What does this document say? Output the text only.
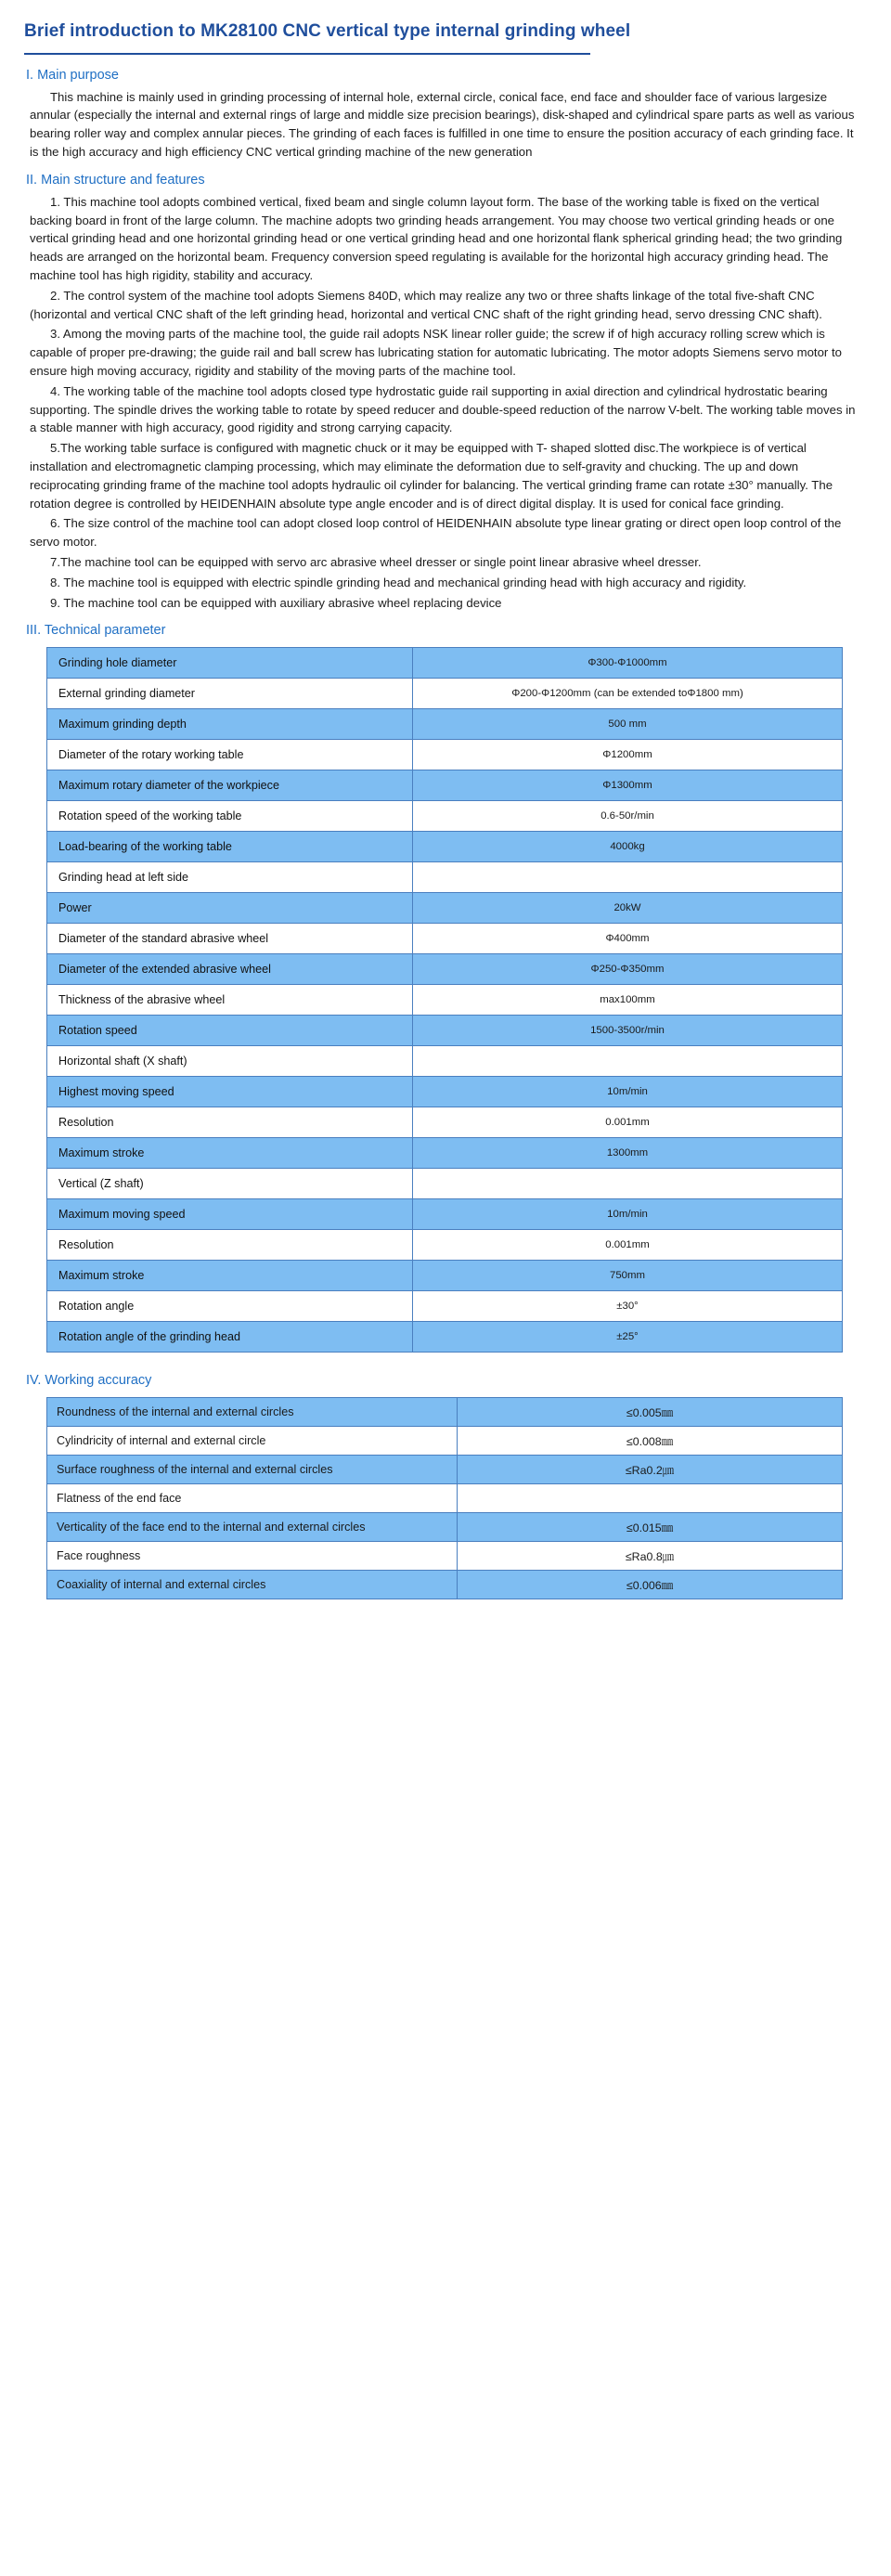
Brief introduction to MK28100 CNC vertical type internal grinding wheel
I. Main purpose

This machine is mainly used in grinding processing of internal hole, external circle, conical face, end face and shoulder face of various largesize annular (especially the internal and external rings of large and middle size precision bearings), disk-shaped and cylindrical spare parts as well as various bearing roller way and complex annular pieces. The grinding of each faces is fulfilled in one time to ensure the position accuracy of each grinding face. It is the high accuracy and high efficiency CNC vertical grinding machine of the new generation

II. Main structure and features

1. This machine tool adopts combined vertical, fixed beam and single column layout form. The base of the working table is fixed on the vertical backing board in front of the large column. The machine adopts two grinding heads arrangement. You may choose two vertical grinding heads or one vertical grinding head and one horizontal grinding head or one vertical grinding head and one horizontal flank spherical grinding head; the two grinding heads are arranged on the horizontal beam. Frequency conversion speed regulating is available for the horizontal high accuracy grinding head. The machine tool has high rigidity, stability and accuracy.

2. The control system of the machine tool adopts Siemens 840D, which may realize any two or three shafts linkage of the total five-shaft CNC (horizontal and vertical CNC shaft of the left grinding head, horizontal and vertical CNC shaft of the right grinding head, servo dressing CNC shaft).

3. Among the moving parts of the machine tool, the guide rail adopts NSK linear roller guide; the screw if of high accuracy rolling screw which is capable of proper pre-drawing; the guide rail and ball screw has lubricating station for automatic lubricating. The motor adopts Siemens servo motor to ensure high moving accuracy, rigidity and stability of the moving parts of the machine tool.

4. The working table of the machine tool adopts closed type hydrostatic guide rail supporting in axial direction and cylindrical hydrostatic bearing supporting. The spindle drives the working table to rotate by speed reducer and double-speed reduction of the narrow V-belt. The working table moves in a stable manner with high accuracy, good rigidity and strong carrying capacity.

5.The working table surface is configured with magnetic chuck or it may be equipped with T- shaped slotted disc.The workpiece is of vertical installation and electromagnetic clamping processing, which may eliminate the deformation due to self-gravity and chucking. The up and down reciprocating grinding frame of the machine tool adopts hydraulic oil cylinder for balancing. The vertical grinding frame can rotate ±30° manually. The rotation degree is controlled by HEIDENHAIN absolute type angle encoder and is of direct digital display. It is used for conical face grinding.

6. The size control of the machine tool can adopt closed loop control of HEIDENHAIN absolute type linear grating or direct open loop control of the servo motor.

7.The machine tool can be equipped with servo arc abrasive wheel dresser or single point linear abrasive wheel dresser.

8. The machine tool is equipped with electric spindle grinding head and mechanical grinding head with high accuracy and rigidity.

9. The machine tool can be equipped with auxiliary abrasive wheel replacing device

III. Technical parameter
Grinding hole diameter	Φ300-Φ1000mm
External grinding diameter	Φ200-Φ1200mm (can be extended toΦ1800 mm)
Maximum grinding depth	500 mm
Diameter of the rotary working table	Φ1200mm
Maximum rotary diameter of the workpiece	Φ1300mm
Rotation speed of the working table	0.6-50r/min
Load-bearing of the working table	4000kg
Grinding head at left side	
Power	20kW
Diameter of the standard abrasive wheel	Φ400mm
Diameter of the extended abrasive wheel	Φ250-Φ350mm
Thickness of the abrasive wheel	max100mm
Rotation speed	1500-3500r/min
Horizontal shaft (X shaft)	
Highest moving speed	10m/min
Resolution	0.001mm
Maximum stroke	1300mm
Vertical (Z shaft)	
Maximum moving speed	10m/min
Resolution	0.001mm
Maximum stroke	750mm
Rotation angle	±30°
Rotation angle of the grinding head	±25°
IV. Working accuracy
Roundness of the internal and external circles	≤0.005㎜
Cylindricity of internal and external circle	≤0.008㎜
Surface roughness of the internal and external circles	≤Ra0.2㎛
Flatness of the end face	
Verticality of the face end to the internal and external circles	≤0.015㎜
Face roughness	≤Ra0.8㎛
Coaxiality of internal and external circles	≤0.006㎜
